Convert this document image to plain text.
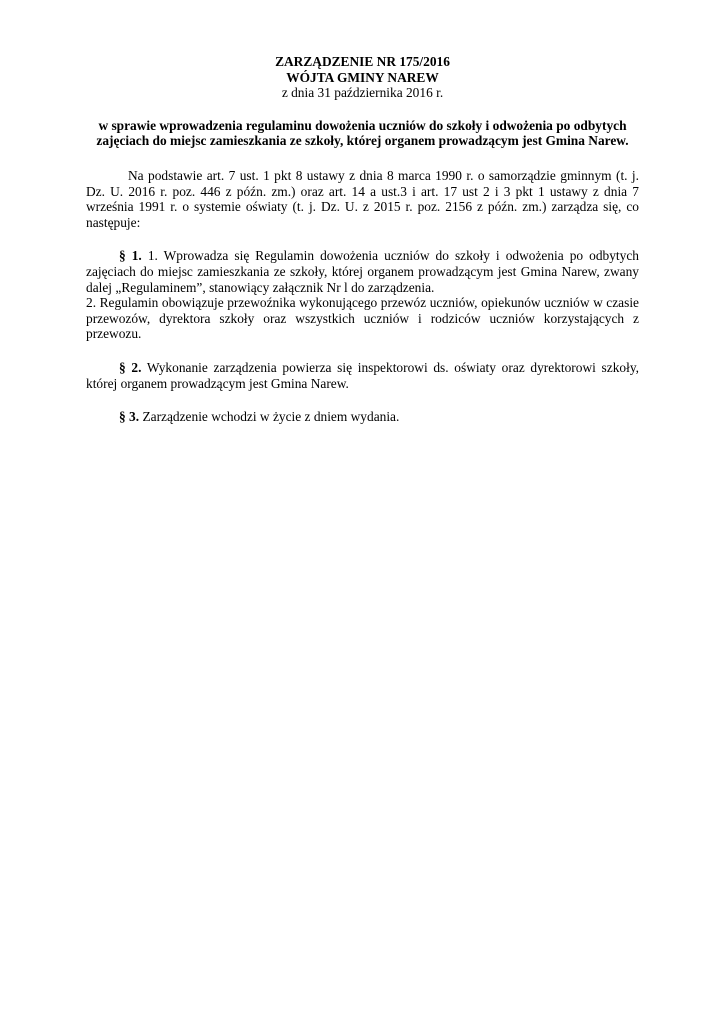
ZARZĄDZENIE NR 175/2016
WÓJTA GMINY NAREW
z dnia 31 października 2016 r.
w sprawie wprowadzenia regulaminu dowożenia uczniów do szkoły i odwożenia po odbytych zajęciach do miejsc zamieszkania ze szkoły, której organem prowadzącym jest Gmina Narew.
Na podstawie art. 7 ust. 1 pkt 8 ustawy z dnia 8 marca 1990 r. o samorządzie gminnym (t. j. Dz. U. 2016 r. poz. 446 z późn. zm.) oraz art. 14 a ust.3 i art. 17 ust 2 i 3 pkt 1 ustawy z dnia 7 września 1991 r. o systemie oświaty (t. j. Dz. U. z 2015 r. poz. 2156 z późn. zm.) zarządza się, co następuje:

§ 1. 1. Wprowadza się Regulamin dowożenia uczniów do szkoły i odwożenia po odbytych zajęciach do miejsc zamieszkania ze szkoły, której organem prowadzącym jest Gmina Narew, zwany dalej „Regulaminem”, stanowiący załącznik Nr l do zarządzenia.

2. Regulamin obowiązuje przewoźnika wykonującego przewóz uczniów, opiekunów uczniów w czasie przewozów, dyrektora szkoły oraz wszystkich uczniów i rodziców uczniów korzystających z przewozu.

§ 2. Wykonanie zarządzenia powierza się inspektorowi ds. oświaty oraz dyrektorowi szkoły, której organem prowadzącym jest Gmina Narew.

§ 3. Zarządzenie wchodzi w życie z dniem wydania.
